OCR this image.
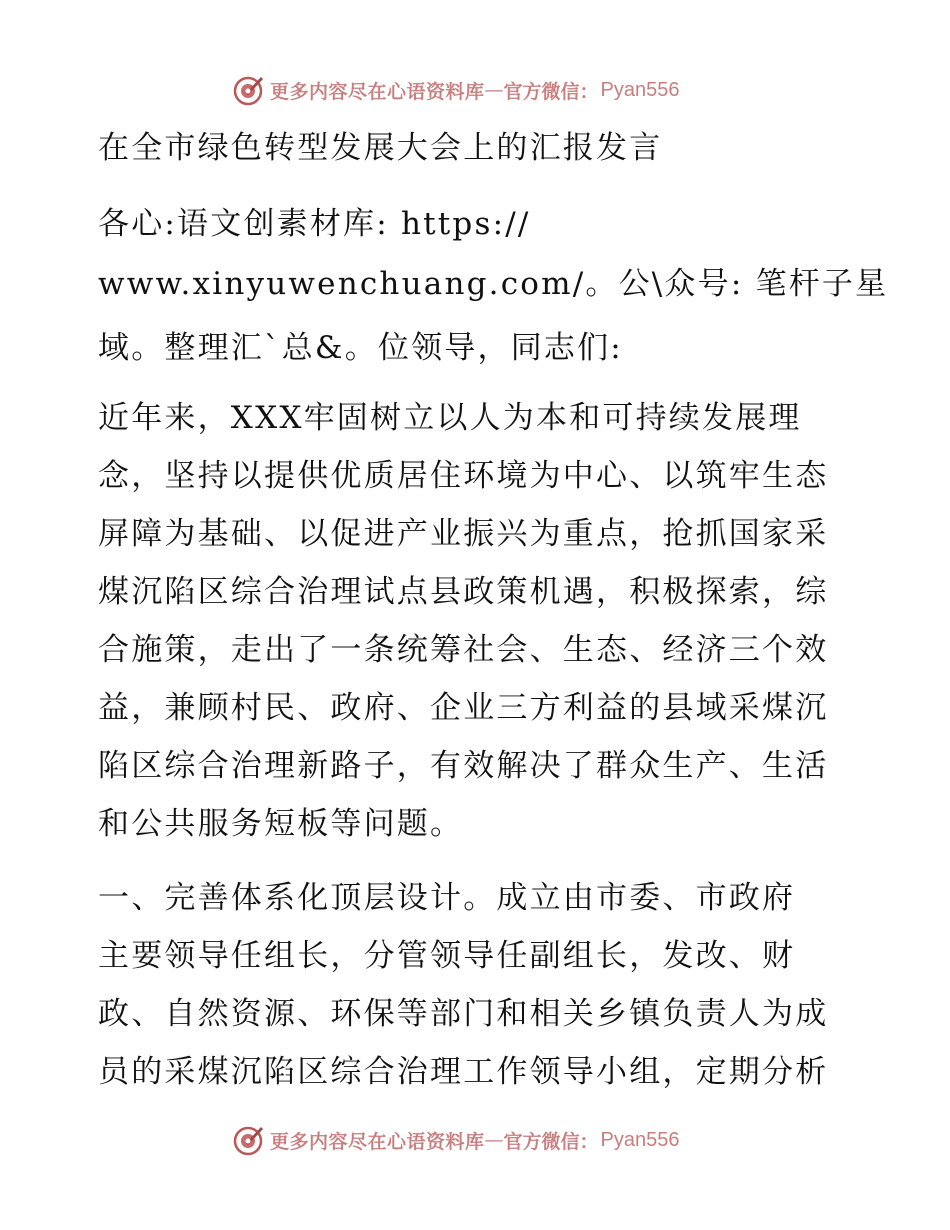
更多内容尽在心语资料库 — 官方微信： Pyan556
在全市绿色转型发展大会上的汇报发言
各心:语文创素材库: https://
www.xinyuwenchuang.com/。公\众号: 笔杆子星
域。整理汇`总&。位领导，同志们:
近年来，XXX牢固树立以人为本和可持续发展理
念，坚持以提供优质居住环境为中心、以筑牢生态
屏障为基础、以促进产业振兴为重点，抢抓国家采
煤沉陷区综合治理试点县政策机遇，积极探索，综
合施策，走出了一条统筹社会、生态、经济三个效
益，兼顾村民、政府、企业三方利益的县域采煤沉
陷区综合治理新路子，有效解决了群众生产、生活
和公共服务短板等问题。
一、完善体系化顶层设计。成立由市委、市政府
主要领导任组长，分管领导任副组长，发改、财
政、自然资源、环保等部门和相关乡镇负责人为成
员的采煤沉陷区综合治理工作领导小组，定期分析
更多内容尽在心语资料库 — 官方微信： Pyan556
